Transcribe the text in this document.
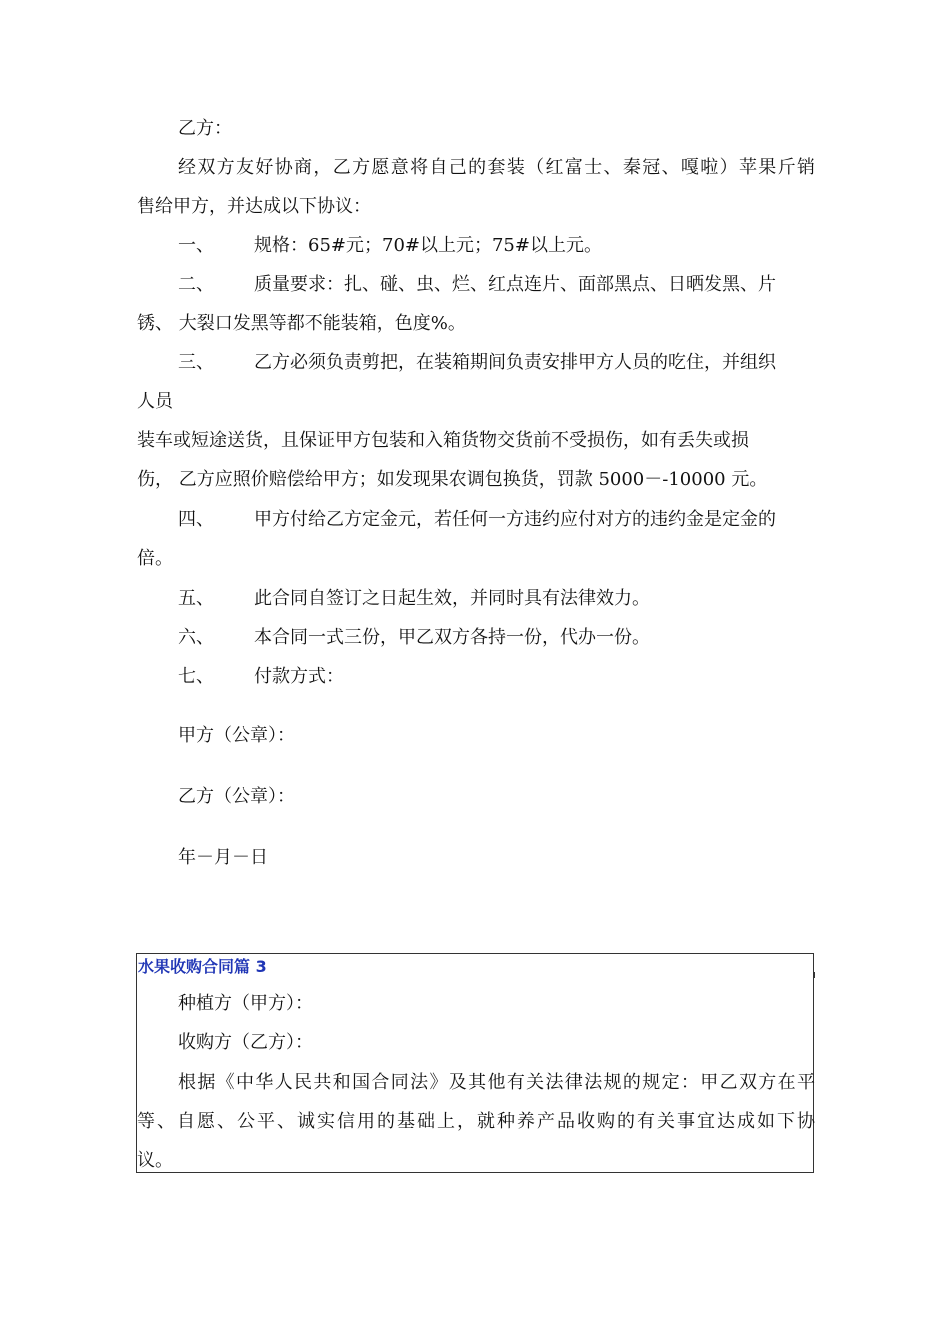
乙方：
经双方友好协商，乙方愿意将自己的套装（红富士、秦冠、嘎啦）苹果斤销
售给甲方，并达成以下协议：
一、 规格：65#元；70#以上元；75#以上元。
二、 质量要求：扎、碰、虫、烂、红点连片、面部黑点、日晒发黑、片
锈、 大裂口发黑等都不能装箱，色度%。
三、 乙方必须负责剪把，在装箱期间负责安排甲方人员的吃住，并组织
人员
装车或短途送货，且保证甲方包装和入箱货物交货前不受损伤，如有丢失或损
伤， 乙方应照价赔偿给甲方；如发现果农调包换货，罚款 5000－-10000 元。
四、 甲方付给乙方定金元，若任何一方违约应付对方的违约金是定金的
倍。
五、 此合同自签订之日起生效，并同时具有法律效力。
六、 本合同一式三份，甲乙双方各持一份，代办一份。
七、 付款方式：
甲方（公章）：
乙方（公章）：
年－月－日
水果收购合同篇 3
种植方（甲方）：
收购方（乙方）：
根据《中华人民共和国合同法》及其他有关法律法规的规定：甲乙双方在平
等、自愿、公平、诚实信用的基础上，就种养产品收购的有关事宜达成如下协
议。
